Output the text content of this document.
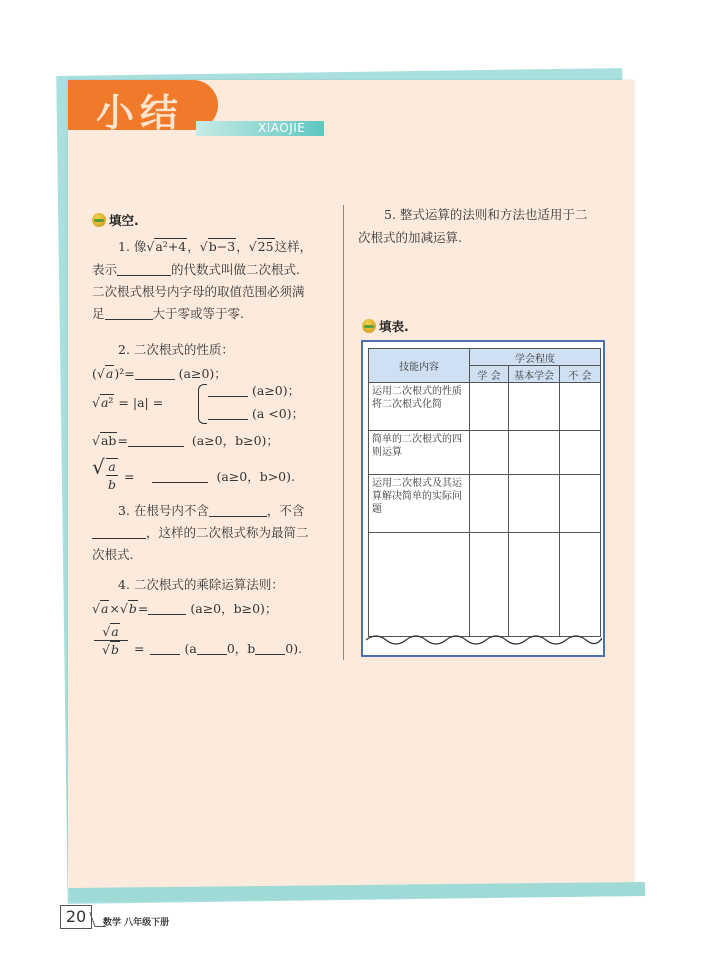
小结	XIAOJIE
填空.
1. 像√a²+4，√b−3，√25这样，
表示	的代数式叫做二次根式.
二次根式根号内字母的取值范围必须满
足	大于零或等于零.
2. 二次根式的性质：
(√a)²=	(a≥0)；
√a² = |a| =
(a≥0)；
(a <0)；
√ab=	(a≥0，b≥0)；
√ a
b
=	(a≥0，b>0).
3. 在根号内不含	，不含
，这样的二次根式称为最简二
次根式.
4. 二次根式的乘除运算法则：
√a×√b=	(a≥0，b≥0)；
√a
√b	=	(a 0，b 0).
5. 整式运算的法则和方法也适用于二
次根式的加减运算.
填表.
技能内容	学会程度		
	学 会	基本学会	不 会
运用二次根式的性质将二次根式化简			
简单的二次根式的四则运算			
运用二次根式及其运算解决简单的实际问题			

20	数学 八年级下册
